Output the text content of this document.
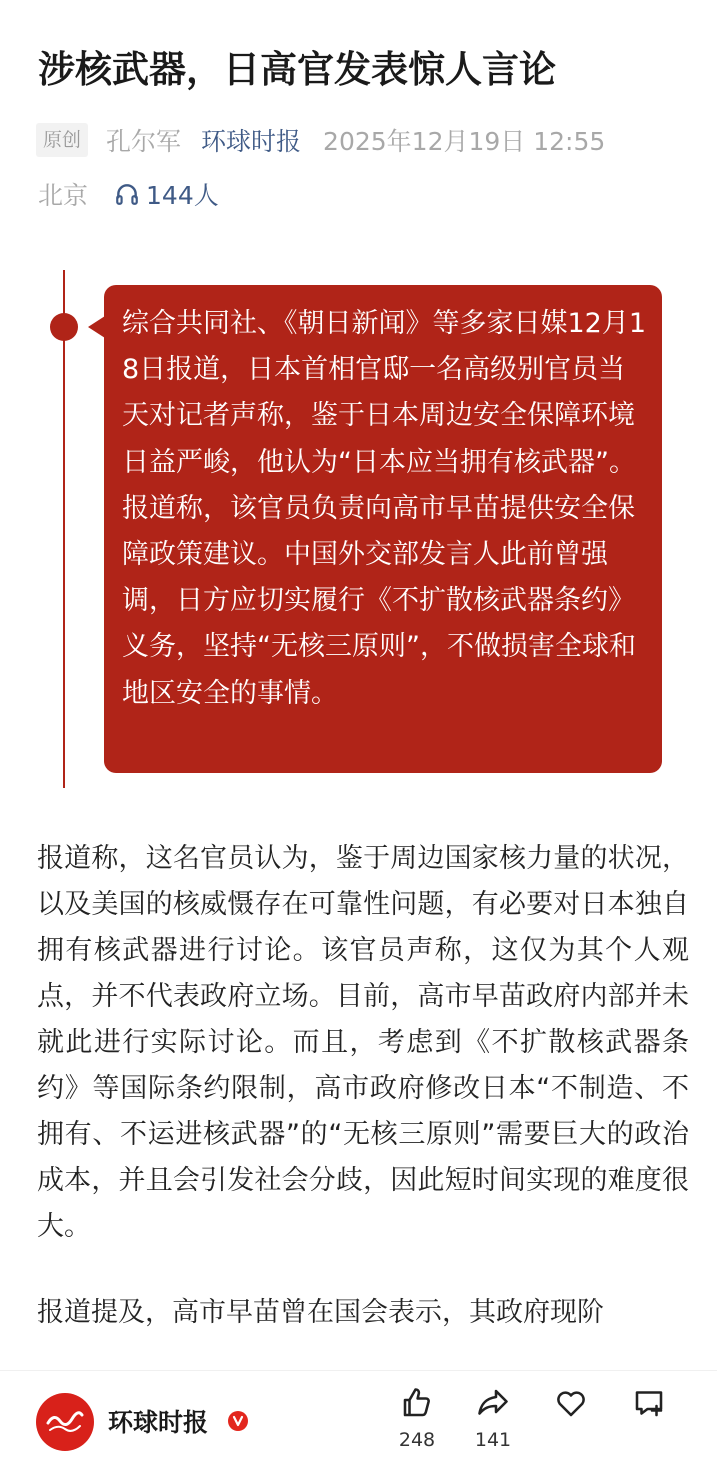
涉核武器，日高官发表惊人言论
原创 孔尔军 环球时报 2025年12月19日 12:55
北京 144人
综合共同社、《朝日新闻》等多家日媒12月18日报道，日本首相官邸一名高级别官员当天对记者声称，鉴于日本周边安全保障环境日益严峻，他认为“日本应当拥有核武器”。报道称，该官员负责向高市早苗提供安全保障政策建议。中国外交部发言人此前曾强调，日方应切实履行《不扩散核武器条约》义务，坚持“无核三原则”，不做损害全球和地区安全的事情。

报道称，这名官员认为，鉴于周边国家核力量的状况，以及美国的核威慑存在可靠性问题，有必要对日本独自拥有核武器进行讨论。该官员声称，这仅为其个人观点，并不代表政府立场。目前，高市早苗政府内部并未就此进行实际讨论。而且，考虑到《不扩散核武器条约》等国际条约限制，高市政府修改日本“不制造、不拥有、不运进核武器”的“无核三原则”需要巨大的政治成本，并且会引发社会分歧，因此短时间实现的难度很大。

报道提及，高市早苗曾在国会表示，其政府现阶

环球时报
248	141
